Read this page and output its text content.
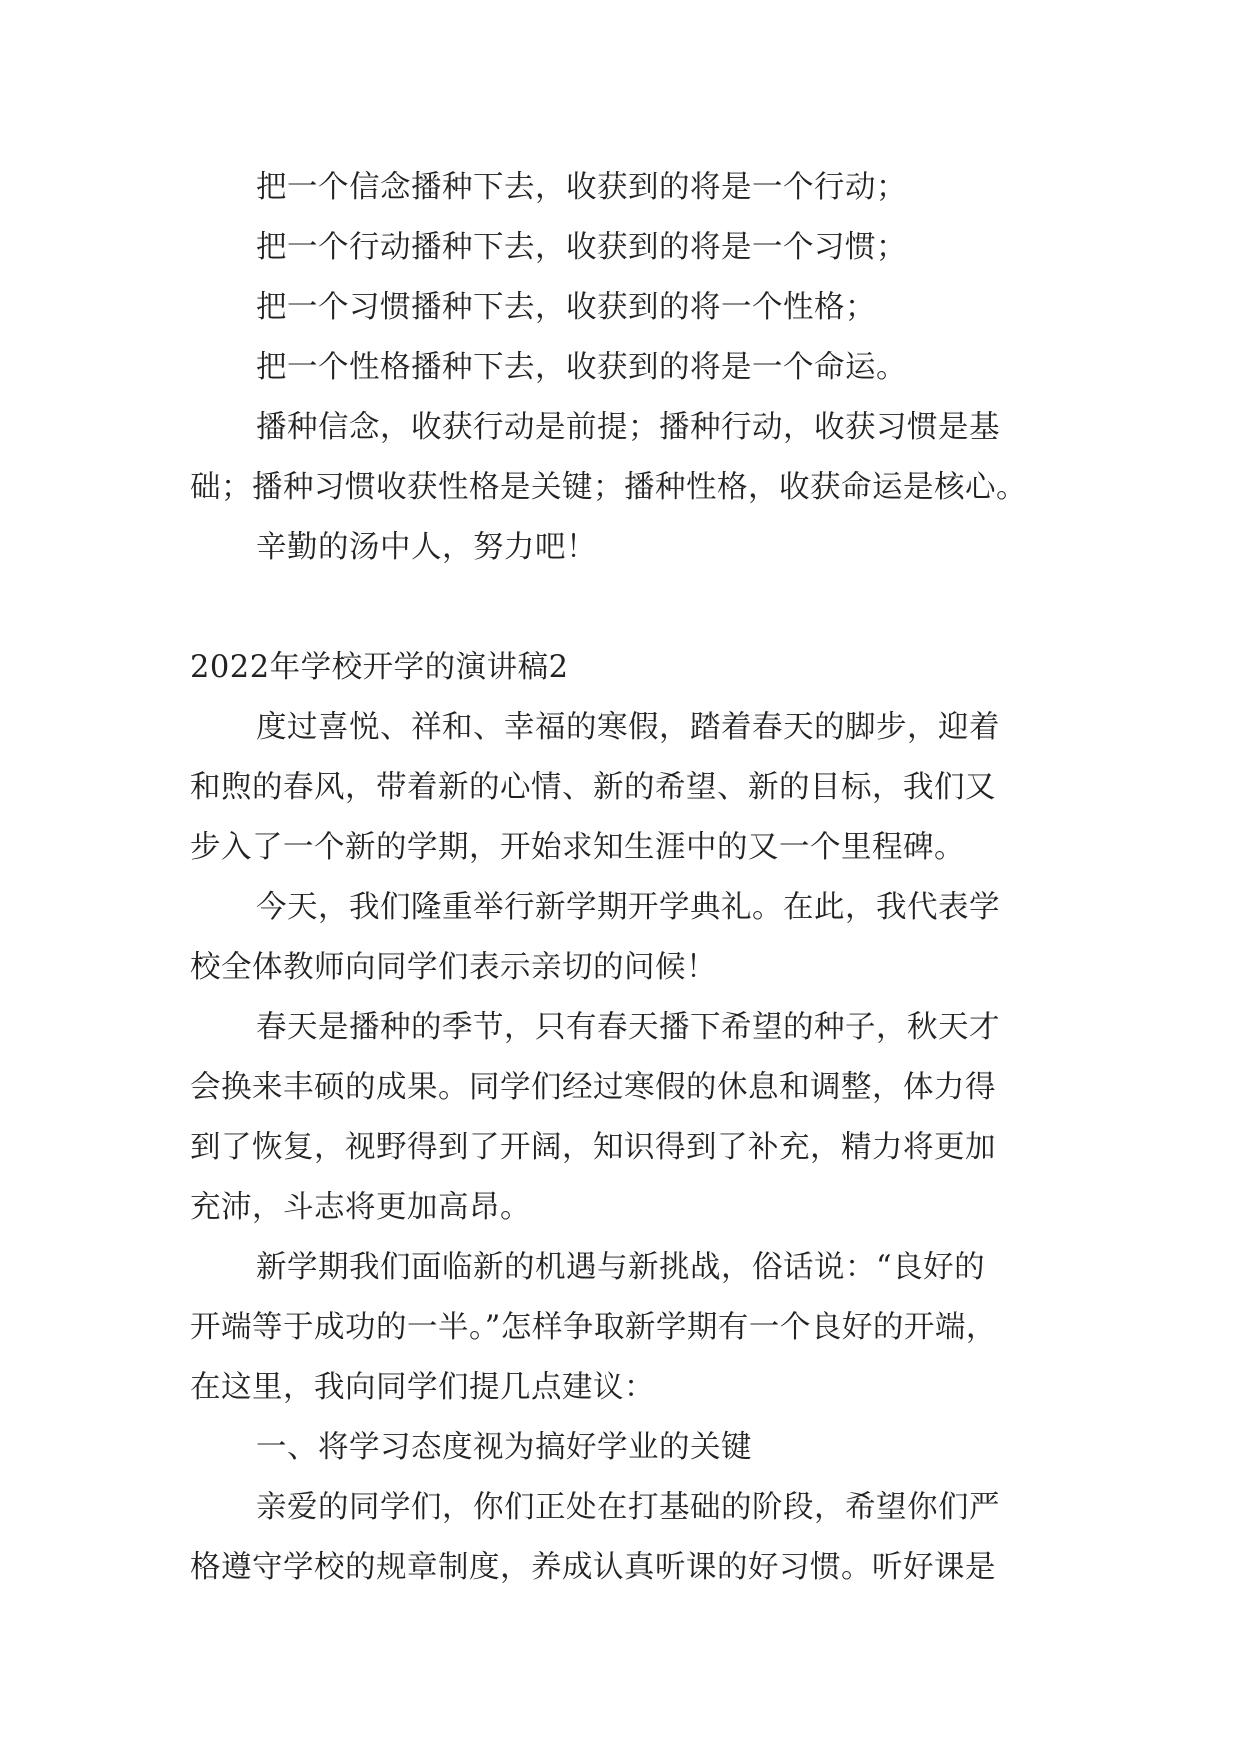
把一个信念播种下去，收获到的将是一个行动；
把一个行动播种下去，收获到的将是一个习惯；
把一个习惯播种下去，收获到的将一个性格；
把一个性格播种下去，收获到的将是一个命运。
播种信念，收获行动是前提；播种行动，收获习惯是基
础；播种习惯收获性格是关键；播种性格，收获命运是核心。
辛勤的汤中人，努力吧！
2022年学校开学的演讲稿2
度过喜悦、祥和、幸福的寒假，踏着春天的脚步，迎着
和煦的春风，带着新的心情、新的希望、新的目标，我们又
步入了一个新的学期，开始求知生涯中的又一个里程碑。
今天，我们隆重举行新学期开学典礼。在此，我代表学
校全体教师向同学们表示亲切的问候！
春天是播种的季节，只有春天播下希望的种子，秋天才
会换来丰硕的成果。同学们经过寒假的休息和调整，体力得
到了恢复，视野得到了开阔，知识得到了补充，精力将更加
充沛，斗志将更加高昂。
新学期我们面临新的机遇与新挑战，俗话说：“良好的
开端等于成功的一半。”怎样争取新学期有一个良好的开端，
在这里，我向同学们提几点建议：
一、将学习态度视为搞好学业的关键
亲爱的同学们，你们正处在打基础的阶段，希望你们严
格遵守学校的规章制度，养成认真听课的好习惯。听好课是
